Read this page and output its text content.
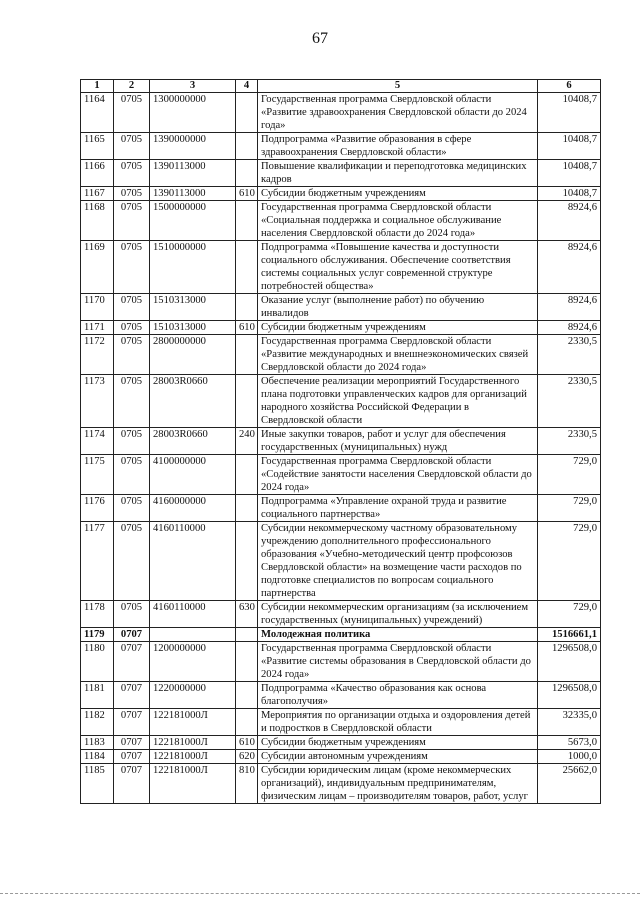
67
1	2	3	4	5	6
1164	0705	1300000000		Государственная программа Свердловской области «Развитие здравоохранения Свердловской области до 2024 года»	10408,7
1165	0705	1390000000		Подпрограмма «Развитие образования в сфере здравоохранения Свердловской области»	10408,7
1166	0705	1390113000		Повышение квалификации и переподготовка медицинских кадров	10408,7
1167	0705	1390113000	610	Субсидии бюджетным учреждениям	10408,7
1168	0705	1500000000		Государственная программа Свердловской области «Социальная поддержка и социальное обслуживание населения Свердловской области до 2024 года»	8924,6
1169	0705	1510000000		Подпрограмма «Повышение качества и доступности социального обслуживания. Обеспечение соответствия системы социальных услуг современной структуре потребностей общества»	8924,6
1170	0705	1510313000		Оказание услуг (выполнение работ) по обучению инвалидов	8924,6
1171	0705	1510313000	610	Субсидии бюджетным учреждениям	8924,6
1172	0705	2800000000		Государственная программа Свердловской области «Развитие международных и внешнеэкономических связей Свердловской области до 2024 года»	2330,5
1173	0705	28003R0660		Обеспечение реализации мероприятий Государственного плана подготовки управленческих кадров для организаций народного хозяйства Российской Федерации в Свердловской области	2330,5
1174	0705	28003R0660	240	Иные закупки товаров, работ и услуг для обеспечения государственных (муниципальных) нужд	2330,5
1175	0705	4100000000		Государственная программа Свердловской области «Содействие занятости населения Свердловской области до 2024 года»	729,0
1176	0705	4160000000		Подпрограмма «Управление охраной труда и развитие социального партнерства»	729,0
1177	0705	4160110000		Субсидии некоммерческому частному образовательному учреждению дополнительного профессионального образования «Учебно-методический центр профсоюзов Свердловской области» на возмещение части расходов по подготовке специалистов по вопросам социального партнерства	729,0
1178	0705	4160110000	630	Субсидии некоммерческим организациям (за исключением государственных (муниципальных) учреждений)	729,0
1179	0707			Молодежная политика	1516661,1
1180	0707	1200000000		Государственная программа Свердловской области «Развитие системы образования в Свердловской области до 2024 года»	1296508,0
1181	0707	1220000000		Подпрограмма «Качество образования как основа благополучия»	1296508,0
1182	0707	122181000Л		Мероприятия по организации отдыха и оздоровления детей и подростков в Свердловской области	32335,0
1183	0707	122181000Л	610	Субсидии бюджетным учреждениям	5673,0
1184	0707	122181000Л	620	Субсидии автономным учреждениям	1000,0
1185	0707	122181000Л	810	Субсидии юридическим лицам (кроме некоммерческих организаций), индивидуальным предпринимателям, физическим лицам – производителям товаров, работ, услуг	25662,0
